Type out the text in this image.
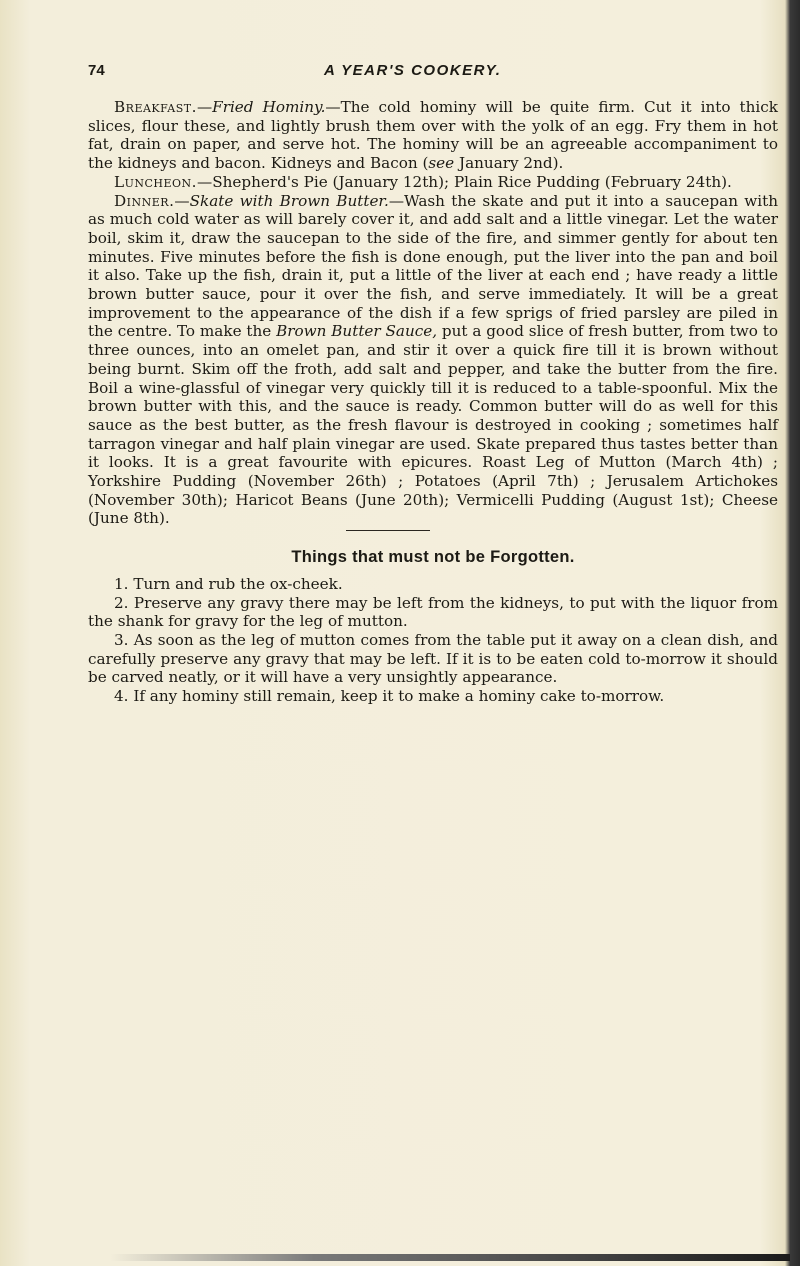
74	A YEAR'S COOKERY.

Breakfast.—Fried Hominy.—The cold hominy will be quite firm. Cut it into thick slices, flour these, and lightly brush them over with the yolk of an egg. Fry them in hot fat, drain on paper, and serve hot. The hominy will be an agreeable accompaniment to the kidneys and bacon. Kidneys and Bacon (see January 2nd).

Luncheon.—Shepherd's Pie (January 12th); Plain Rice Pudding (February 24th).

Dinner.—Skate with Brown Butter.—Wash the skate and put it into a saucepan with as much cold water as will barely cover it, and add salt and a little vinegar. Let the water boil, skim it, draw the saucepan to the side of the fire, and simmer gently for about ten minutes. Five minutes before the fish is done enough, put the liver into the pan and boil it also. Take up the fish, drain it, put a little of the liver at each end ; have ready a little brown butter sauce, pour it over the fish, and serve immediately. It will be a great improvement to the appearance of the dish if a few sprigs of fried parsley are piled in the centre. To make the Brown Butter Sauce, put a good slice of fresh butter, from two to three ounces, into an omelet pan, and stir it over a quick fire till it is brown without being burnt. Skim off the froth, add salt and pepper, and take the butter from the fire. Boil a wine-glassful of vinegar very quickly till it is reduced to a table-spoonful. Mix the brown butter with this, and the sauce is ready. Common butter will do as well for this sauce as the best butter, as the fresh flavour is destroyed in cooking ; sometimes half tarragon vinegar and half plain vinegar are used. Skate prepared thus tastes better than it looks. It is a great favourite with epicures. Roast Leg of Mutton (March 4th) ; Yorkshire Pudding (November 26th) ; Potatoes (April 7th) ; Jerusalem Artichokes (November 30th); Haricot Beans (June 20th); Vermicelli Pudding (August 1st); Cheese (June 8th).

Things that must not be Forgotten.
1. Turn and rub the ox-cheek.
2. Preserve any gravy there may be left from the kidneys, to put with the liquor from the shank for gravy for the leg of mutton.
3. As soon as the leg of mutton comes from the table put it away on a clean dish, and carefully preserve any gravy that may be left. If it is to be eaten cold to-morrow it should be carved neatly, or it will have a very unsightly appearance.
4. If any hominy still remain, keep it to make a hominy cake to-morrow.
